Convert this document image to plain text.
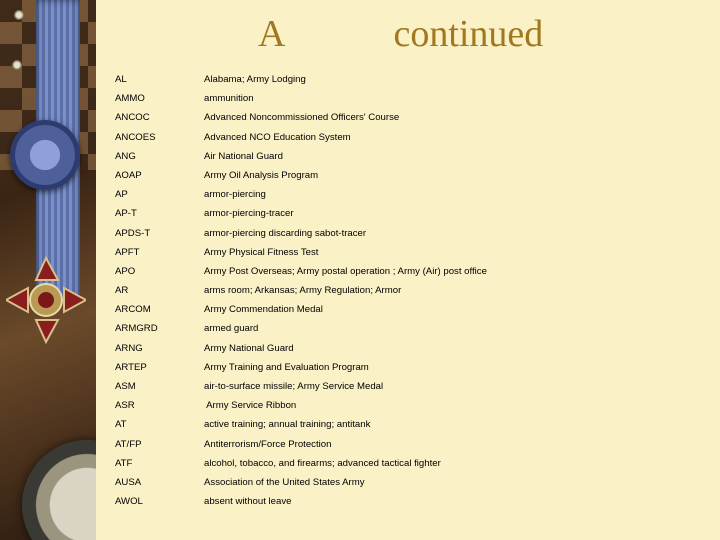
A	continued
AL	Alabama; Army Lodging
AMMO	ammunition
ANCOC	Advanced Noncommissioned Officers' Course
ANCOES	Advanced NCO Education System
ANG	Air National Guard
AOAP	Army Oil Analysis Program
AP	armor-piercing
AP-T	armor-piercing-tracer
APDS-T	armor-piercing discarding sabot-tracer
APFT	Army Physical Fitness Test
APO	Army Post Overseas; Army postal operation ; Army (Air) post office
AR	arms room; Arkansas; Army Regulation; Armor
ARCOM	Army Commendation Medal
ARMGRD	armed guard
ARNG	Army National Guard
ARTEP	Army Training and Evaluation Program
ASM	air-to-surface missile; Army Service Medal
ASR	Army Service Ribbon
AT	active training; annual training; antitank
AT/FP	Antiterrorism/Force Protection
ATF	alcohol, tobacco, and firearms; advanced tactical fighter
AUSA	Association of the United States Army
AWOL	absent without leave
